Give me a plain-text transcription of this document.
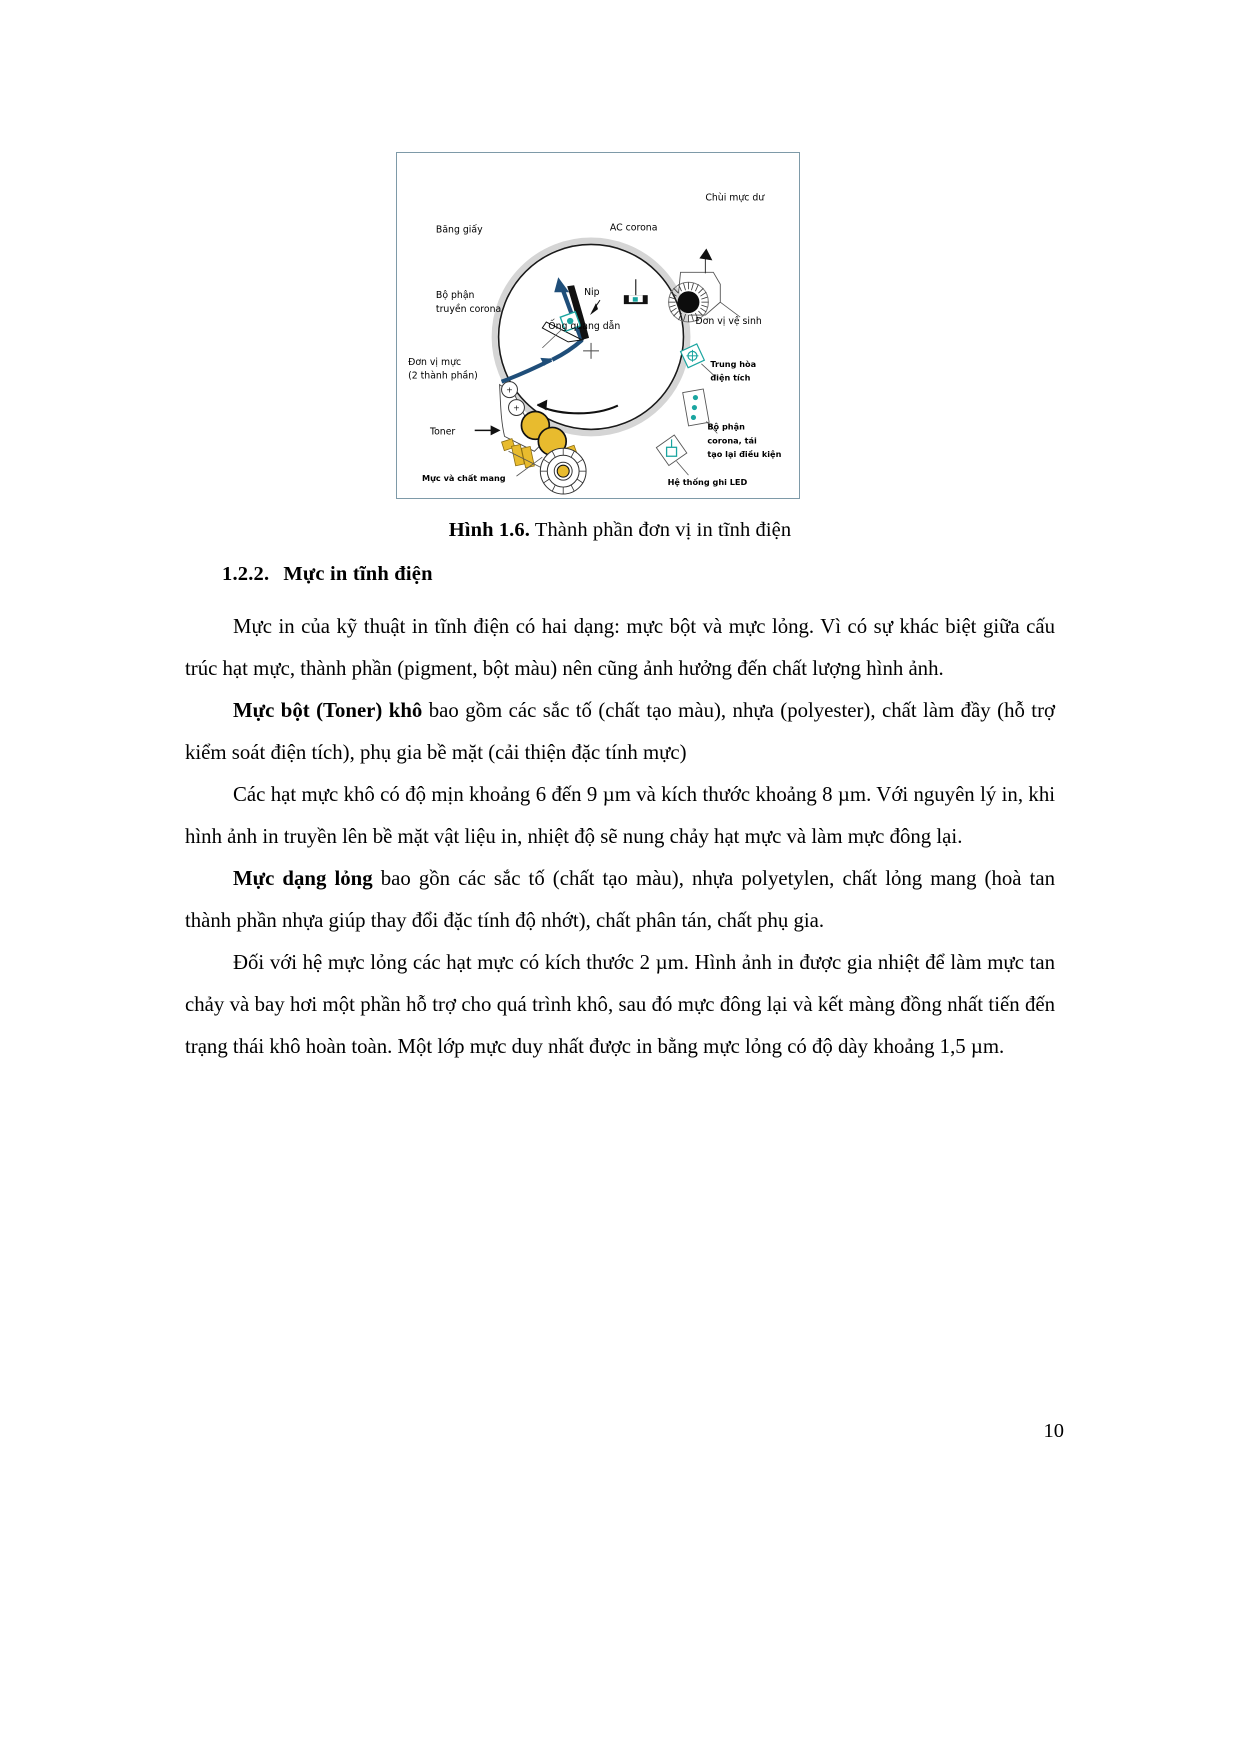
+
+
Băng giấy
Bộ phận
truyền corona
Nip
AC corona
Ống quang dẫn
Chùi mực dư
Đơn vị vệ sinh
Trung hòa
điện tích
Bộ phận
corona, tái
tạo lại điều kiện
Hệ thống ghi LED
Đơn vị mực
(2 thành phần)
Toner
Mực và chất mang
Hình 1.6. Thành phần đơn vị in tĩnh điện
1.2.2. Mực in tĩnh điện

Mực in của kỹ thuật in tĩnh điện có hai dạng: mực bột và mực lỏng. Vì có sự khác biệt giữa cấu trúc hạt mực, thành phần (pigment, bột màu) nên cũng ảnh hưởng đến chất lượng hình ảnh.

Mực bột (Toner) khô bao gồm các sắc tố (chất tạo màu), nhựa (polyester), chất làm đầy (hỗ trợ kiểm soát điện tích), phụ gia bề mặt (cải thiện đặc tính mực)

Các hạt mực khô có độ mịn khoảng 6 đến 9 µm và kích thước khoảng 8 µm. Với nguyên lý in, khi hình ảnh in truyền lên bề mặt vật liệu in, nhiệt độ sẽ nung chảy hạt mực và làm mực đông lại.

Mực dạng lỏng bao gồn các sắc tố (chất tạo màu), nhựa polyetylen, chất lỏng mang (hoà tan thành phần nhựa giúp thay đổi đặc tính độ nhớt), chất phân tán, chất phụ gia.

Đối với hệ mực lỏng các hạt mực có kích thước 2 µm. Hình ảnh in được gia nhiệt để làm mực tan chảy và bay hơi một phần hỗ trợ cho quá trình khô, sau đó mực đông lại và kết màng đồng nhất tiến đến trạng thái khô hoàn toàn. Một lớp mực duy nhất được in bằng mực lỏng có độ dày khoảng 1,5 µm.

10
